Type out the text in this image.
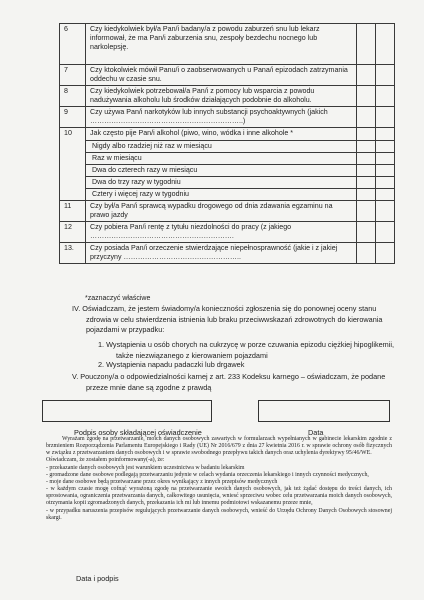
6	Czy kiedykolwiek był/a Pan/i badany/a z powodu zaburzeń snu lub lekarz informował, że ma Pan/i zaburzenia snu, zespoły bezdechu nocnego lub narkolepsję.		
7	Czy ktokolwiek mówił Panu/i o zaobserwowanych u Pana/i epizodach zatrzymania oddechu w czasie snu.		
8	Czy kiedykolwiek potrzebował/a Pan/i z pomocy lub wsparcia z powodu nadużywania alkoholu lub środków działających podobnie do alkoholu.		
9	Czy używa Pan/i narkotyków lub innych substancji psychoaktywnych (jakich ………………………………………………………..)		
10	Jak często pije Pan/i alkohol (piwo, wino, wódka i inne alkohole *		
	Nigdy albo rzadziej niż raz w miesiącu		
	Raz w miesiącu		
	Dwa do czterech razy w miesiącu		
	Dwa do trzy razy w tygodniu		
	Cztery i więcej razy w tygodniu		
11	Czy był/a Pan/i sprawcą wypadku drogowego od dnia zdawania egzaminu na prawo jazdy		
12	Czy pobiera Pan/i rentę z tytułu niezdolności do pracy (z jakiego …………………………………………………….		
13.	Czy posiada Pan/i orzeczenie stwierdzające niepełnosprawność (jakie i z jakiej przyczyny …………………………………………..		
*zaznaczyć właściwe
IV. Oświadczam, że jestem świadomy/a konieczności zgłoszenia się do ponownej oceny stanu
zdrowia w celu stwierdzenia istnienia lub braku przeciwwskazań zdrowotnych do kierowania
pojazdami w przypadku:
1. Wystąpienia u osób chorych na cukrzycę w porze czuwania epizodu ciężkiej hipoglikemii,
także niezwiązanego z kierowaniem pojazdami
2. Wystąpienia napadu padaczki lub drgawek
V. Pouczony/a o odpowiedzialności karnej z art. 233 Kodeksu karnego – oświadczam, że podane
przeze mnie dane są zgodne z prawdą
Podpis osoby składającej oświadczenie	Data

Wyrażam zgodę na przetwarzanie, moich danych osobowych zawartych w formularzach wypełnianych w gabinecie lekarskim zgodnie z brzmieniem Rozporządzenia Parlamentu Europejskiego i Rady (UE) Nr 2016/679 z dnia 27 kwietnia 2016 r. w sprawie ochrony osób fizycznych w związku z przetwarzaniem danych osobowych i w sprawie swobodnego przepływu takich danych oraz uchylenia dyrektywy 95/46/WE.

Oświadczam, że zostałem poinformowany(-a), że:

- przekazanie danych osobowych jest warunkiem uczestnictwa w badaniu lekarskim

- gromadzone dane osobowe podlegają przetwarzaniu jedynie w celach wydania orzeczenia lekarskiego i innych czynności medycznych,

- moje dane osobowe będą przetwarzane przez okres wynikający z innych przepisów medycznych

- w każdym czasie mogę cofnąć wyrażoną zgodę na przetwarzanie swoich danych osobowych, jak też żądać dostępu do treści danych, ich sprostowania, ograniczenia przetwarzania danych, całkowitego usunięcia, wniesć sprzeciwu wobec celu przetwarzania moich danych osobowych, otrzymania kopii zgromadzonych danych, przekazania ich mi lub innemu podmiotowi wskazanemu przeze mnie,

- w przypadku naruszenia przepisów regulujących przetwarzanie danych osobowych, wnieść do Urzędu Ochrony Danych Osobowych stosownej skargi.

Data i podpis
